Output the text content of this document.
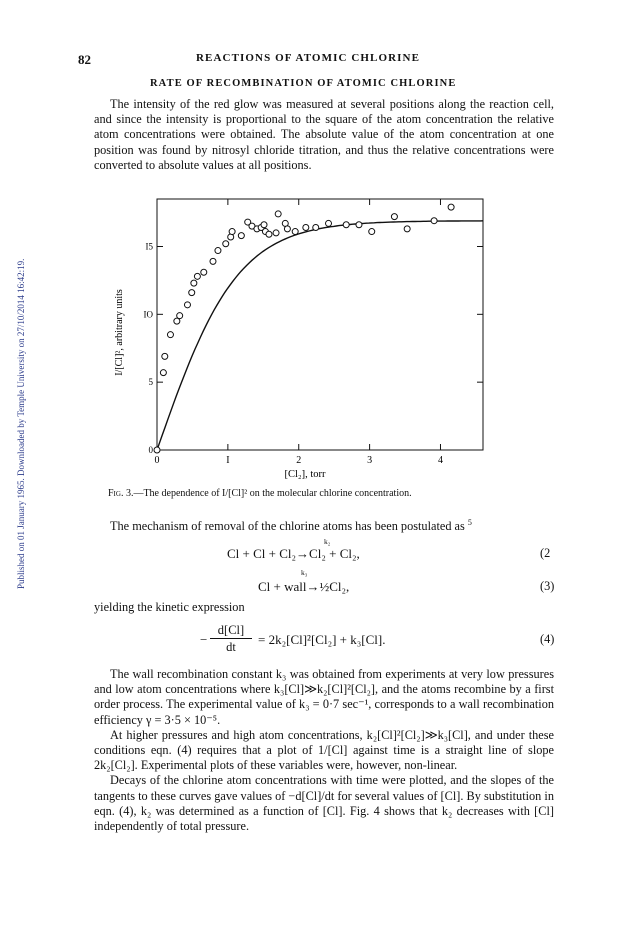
Published on 01 January 1965. Downloaded by Temple University on 27/10/2014 16:42:19.
82	REACTIONS OF ATOMIC CHLORINE
RATE OF RECOMBINATION OF ATOMIC CHLORINE

The intensity of the red glow was measured at several positions along the reaction cell, and since the intensity is proportional to the square of the atom concentration the relative atom concentrations were obtained. The absolute value of the atom concentration at one position was found by nitrosyl chloride titration, and thus the relative concentrations were converted to absolute values at all positions.

0	I	2	3	4
0
5
IO
I5
[Cl₂], torr
I/[Cl]², arbitrary units
Fig. 3.—The dependence of I/[Cl]² on the molecular chlorine concentration.

The mechanism of removal of the chlorine atoms has been postulated as $^5$

k₂
Cl + Cl + Cl₂→Cl₂ + Cl₂,	(2
k₃
Cl + wall→½Cl₂,	(3)

yielding the kinetic expression

−
d[Cl]
dt	= 2k₂[Cl]²[Cl₂] + k₃[Cl].	(4)

The wall recombination constant k₃ was obtained from experiments at very low pressures and low atom concentrations where k₃[Cl]≫k₂[Cl]²[Cl₂], and the atoms recombine by a first order process. The experimental value of k₃ = 0·7 sec⁻¹, corresponds to a wall recombination efficiency γ = 3·5 × 10⁻⁵.

At higher pressures and high atom concentrations, k₂[Cl]²[Cl₂]≫k₃[Cl], and under these conditions eqn. (4) requires that a plot of 1/[Cl] against time is a straight line of slope 2k₂[Cl₂]. Experimental plots of these variables were, however, non-linear.

Decays of the chlorine atom concentrations with time were plotted, and the slopes of the tangents to these curves gave values of −d[Cl]/dt for several values of [Cl]. By substitution in eqn. (4), k₂ was determined as a function of [Cl]. Fig. 4 shows that k₂ decreases with [Cl] independently of total pressure.
